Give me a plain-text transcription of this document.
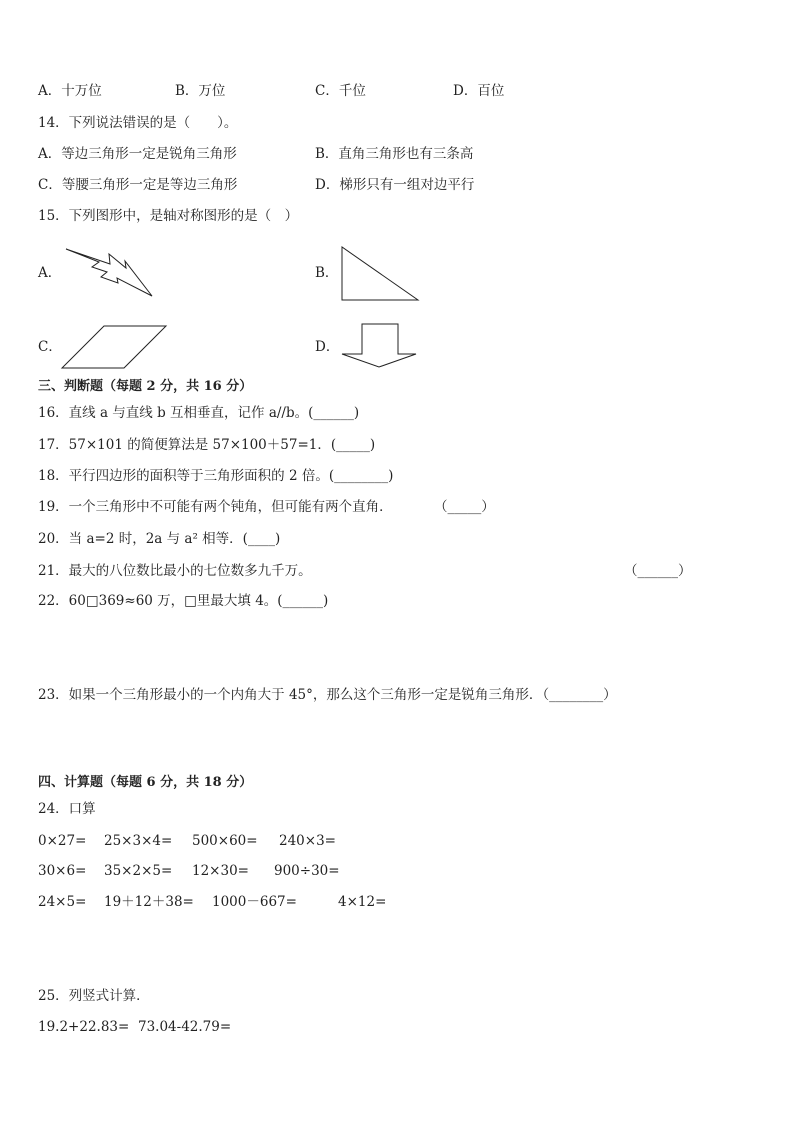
A．十万位	B．万位	C．千位	D．百位
14．下列说法错误的是（　　）。
A．等边三角形一定是锐角三角形	B．直角三角形也有三条高
C．等腰三角形一定是等边三角形	D．梯形只有一组对边平行
15．下列图形中，是轴对称图形的是（　）
A．	B．
C．	D．
三、判断题（每题 2 分，共 16 分）
16．直线 a 与直线 b 互相垂直，记作 a//b。(______)
17．57×101 的简便算法是 57×100＋57=1．(_____)
18．平行四边形的面积等于三角形面积的 2 倍。(________)
19．一个三角形中不可能有两个钝角，但可能有两个直角．	（_____）
20．当 a=2 时，2a 与 a² 相等．(____)
21．最大的八位数比最小的七位数多九千万。	（______）
22．60□369≈60 万，□里最大填 4。(______)
23．如果一个三角形最小的一个内角大于 45°，那么这个三角形一定是锐角三角形．（________）
四、计算题（每题 6 分，共 18 分）
24．口算
0×27= 25×3×4= 500×60= 240×3=
30×6= 35×2×5= 12×30= 900÷30=
24×5= 19＋12＋38= 1000－667=	4×12=
25．列竖式计算．
19.2+22.83= 73.04-42.79=
